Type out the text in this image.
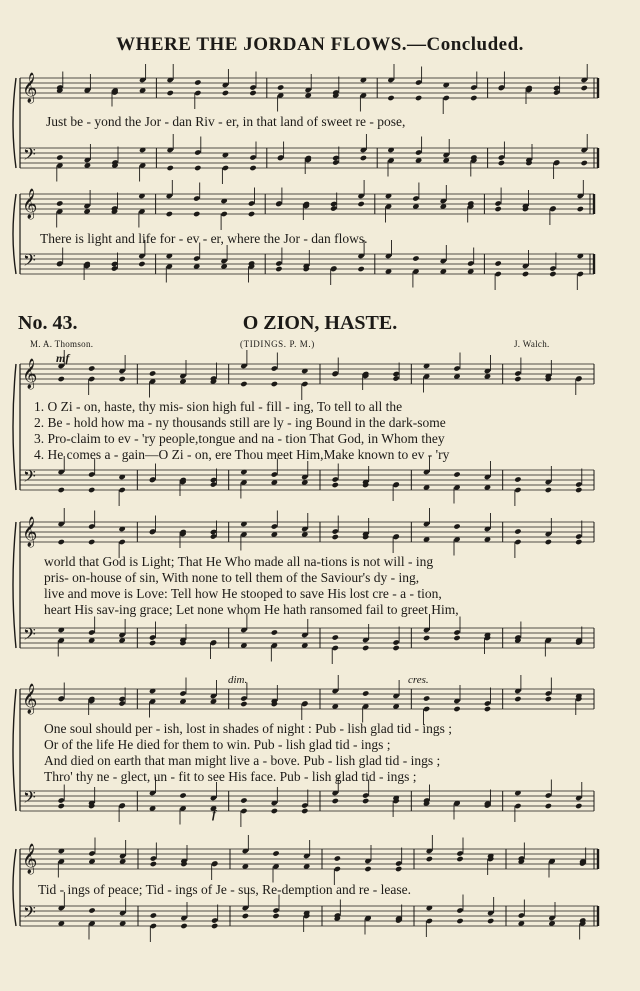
WHERE THE JORDAN FLOWS.—Concluded.
𝄞
𝄢
𝄞
𝄢
𝄞
𝄢
𝄞
𝄢
𝄞
𝄢
𝄞
𝄢
Just be - yond the Jor - dan Riv - er, in that land of sweet re - pose,
There is light and life for - ev - er, where the Jor - dan flows.
No. 43.	O ZION, HASTE.
M. A. Thomson.	(TIDINGS. P. M.)	J. Walch.
mf
dim.	cres.
f
1. O Zi - on, haste, thy mis- sion high ful - fill - ing, To tell to all the
2. Be - hold how ma - ny thousands still are ly - ing Bound in the dark-some
3. Pro-claim to ev - 'ry people,tongue and na - tion That God, in Whom they
4. He comes a - gain—O Zi - on, ere Thou meet Him,Make known to ev - 'ry
world that God is Light; That He Who made all na-tions is not will - ing
pris- on-house of sin, With none to tell them of the Saviour's dy - ing,
live and move is Love: Tell how He stooped to save His lost cre - a - tion,
heart His sav-ing grace; Let none whom He hath ransomed fail to greet Him,
One soul should per - ish, lost in shades of night : Pub - lish glad tid - ings ;
Or of the life He died for them to win. Pub - lish glad tid - ings ;
And died on earth that man might live a - bove. Pub - lish glad tid - ings ;
Thro' thy ne - glect, un - fit to see His face. Pub - lish glad tid - ings ;
Tid - ings of peace; Tid - ings of Je - sus, Re-demption and re - lease.
